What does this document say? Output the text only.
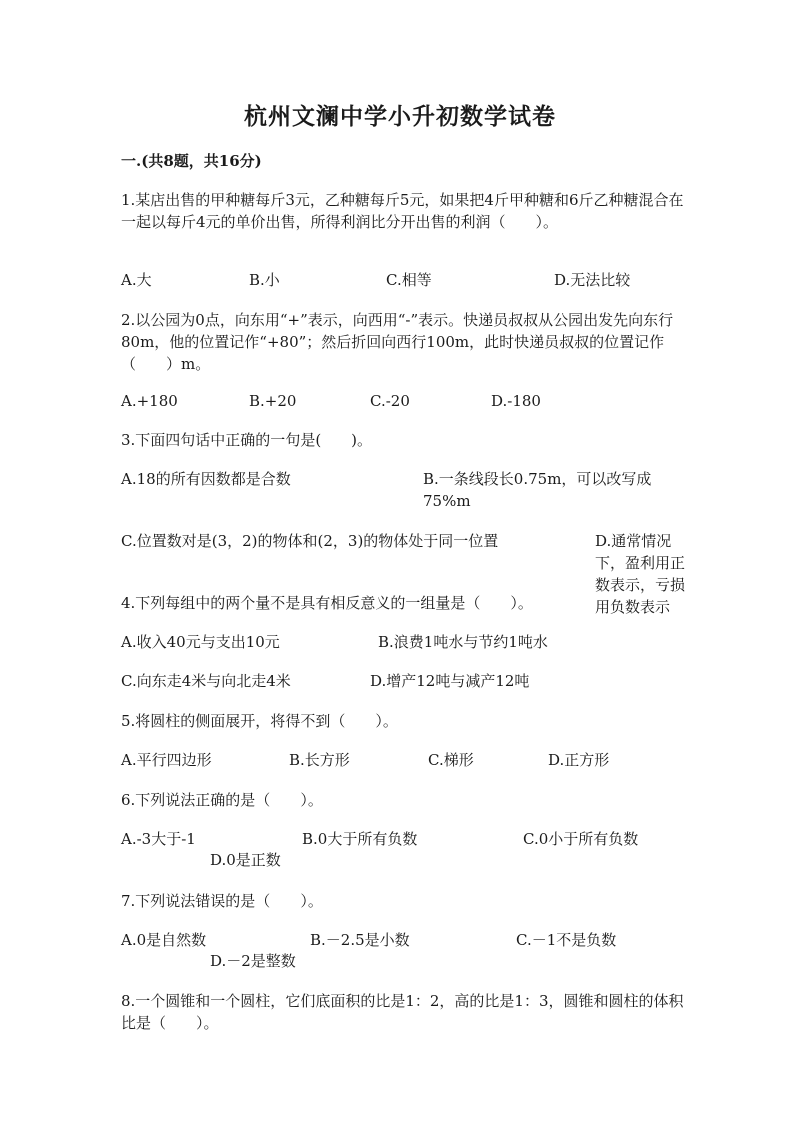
杭州文澜中学小升初数学试卷
一.(共8题，共16分)
1.某店出售的甲种糖每斤3元，乙种糖每斤5元，如果把4斤甲种糖和6斤乙种糖混合在一起以每斤4元的单价出售，所得利润比分开出售的利润（　　）。
A.大	B.小	C.相等	D.无法比较
2.以公园为0点，向东用“+”表示，向西用“-”表示。快递员叔叔从公园出发先向东行80m，他的位置记作“+80”；然后折回向西行100m，此时快递员叔叔的位置记作（　　）m。
A.+180	B.+20	C.-20	D.-180
3.下面四句话中正确的一句是(　　)。
A.18的所有因数都是合数	B.一条线段长0.75m，可以改写成75%m
C.位置数对是(3，2)的物体和(2，3)的物体处于同一位置	D.通常情况下，盈利用正数表示，亏损用负数表示
4.下列每组中的两个量不是具有相反意义的一组量是（　　）。
A.收入40元与支出10元	B.浪费1吨水与节约1吨水
C.向东走4米与向北走4米	D.增产12吨与减产12吨
5.将圆柱的侧面展开，将得不到（　　）。
A.平行四边形	B.长方形	C.梯形	D.正方形
6.下列说法正确的是（　　）。
A.-3大于-1	B.0大于所有负数	C.0小于所有负数
D.0是正数
7.下列说法错误的是（　　）。
A.0是自然数	B.－2.5是小数	C.－1不是负数
D.－2是整数
8.一个圆锥和一个圆柱，它们底面积的比是1：2，高的比是1：3，圆锥和圆柱的体积比是（　　）。
